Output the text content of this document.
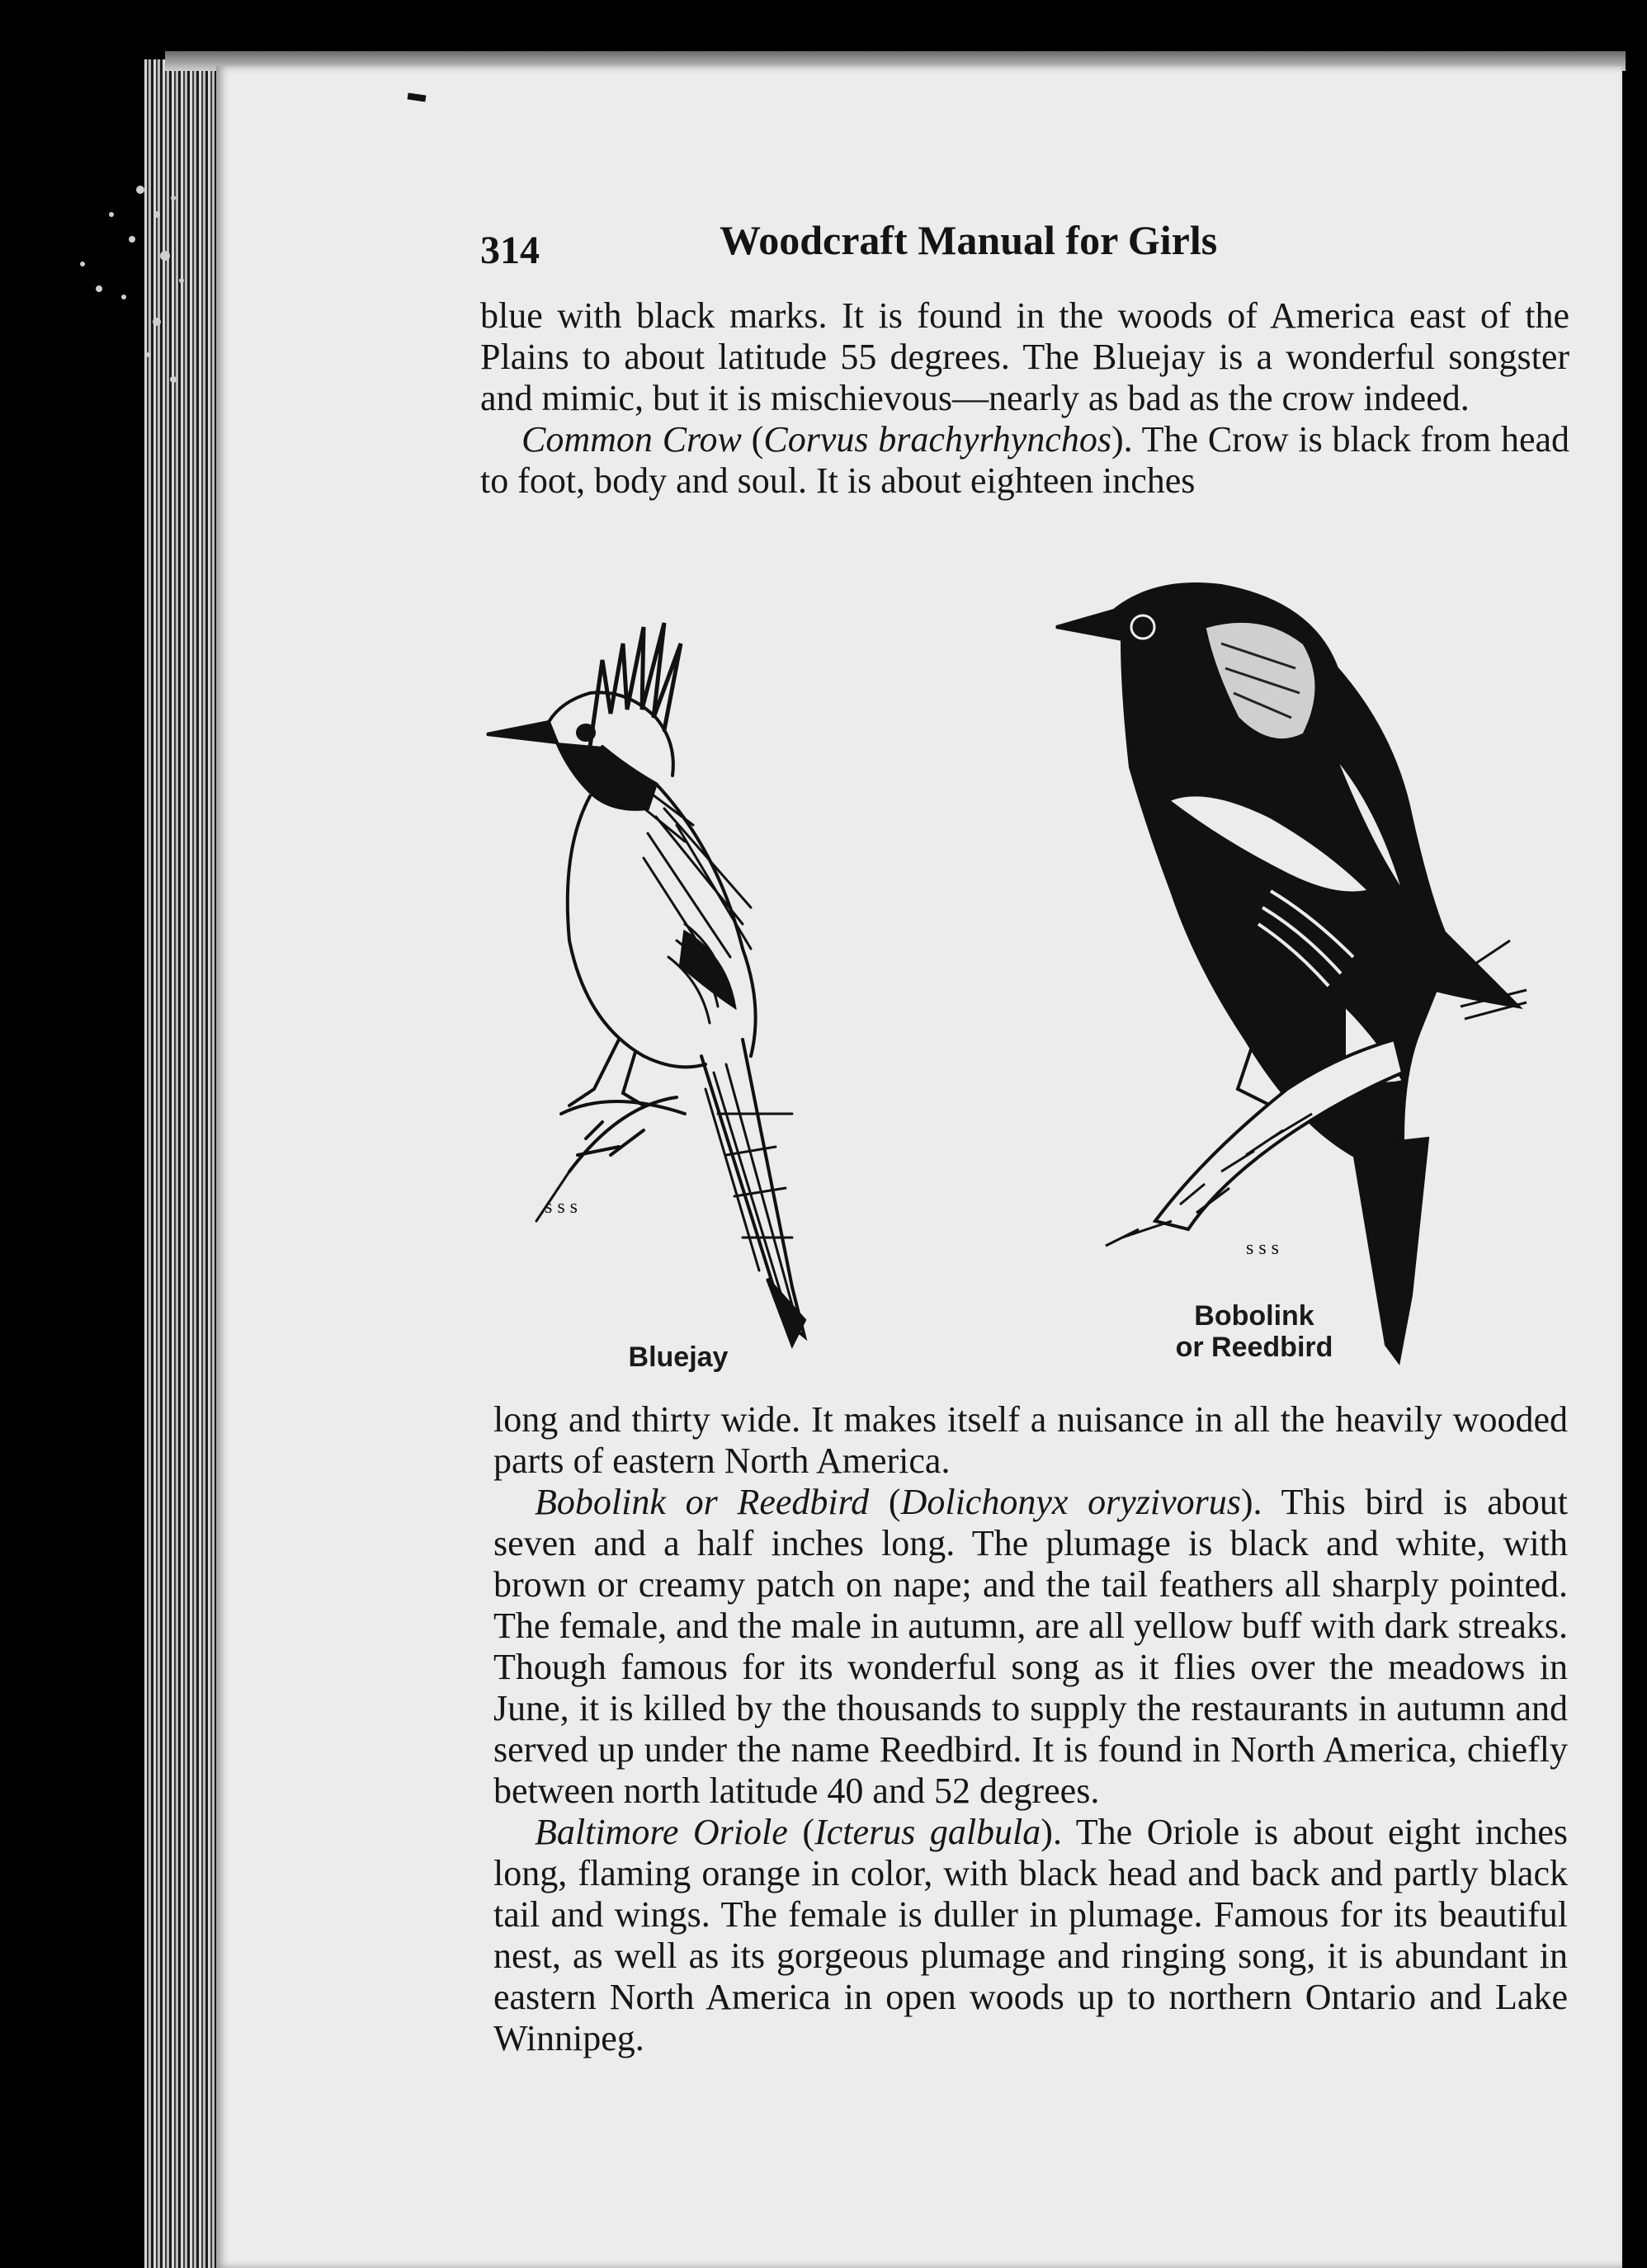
314	Woodcraft Manual for Girls

blue with black marks. It is found in the woods of America east of the Plains to about latitude 55 degrees. The Bluejay is a wonderful songster and mimic, but it is mischievous—nearly as bad as the crow indeed.

Common Crow (Corvus brachyrhynchos). The Crow is black from head to foot, body and soul. It is about eighteen inches

s s s
s s s
Bluejay
Bobolink
or Reedbird

long and thirty wide. It makes itself a nuisance in all the heavily wooded parts of eastern North America.

Bobolink or Reedbird (Dolichonyx oryzivorus). This bird is about seven and a half inches long. The plumage is black and white, with brown or creamy patch on nape; and the tail feathers all sharply pointed. The female, and the male in autumn, are all yellow buff with dark streaks. Though famous for its wonderful song as it flies over the meadows in June, it is killed by the thousands to supply the restaurants in autumn and served up under the name Reedbird. It is found in North America, chiefly between north latitude 40 and 52 degrees.

Baltimore Oriole (Icterus galbula). The Oriole is about eight inches long, flaming orange in color, with black head and back and partly black tail and wings. The female is duller in plumage. Famous for its beautiful nest, as well as its gorgeous plumage and ringing song, it is abundant in eastern North America in open woods up to northern Ontario and Lake Winnipeg.
